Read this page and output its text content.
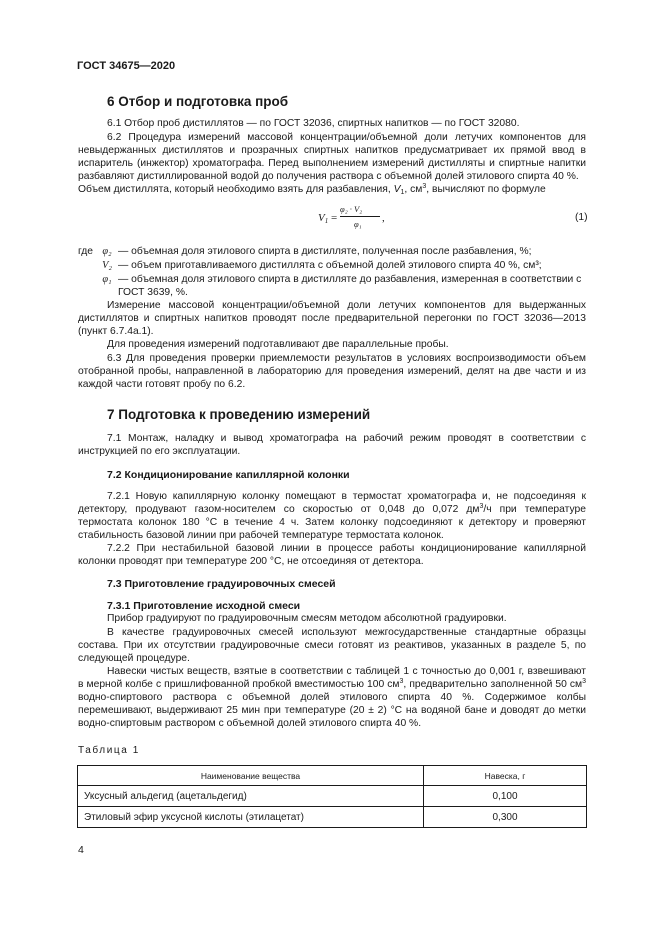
ГОСТ 34675—2020
6 Отбор и подготовка проб
6.1 Отбор проб дистиллятов — по ГОСТ 32036, спиртных напитков — по ГОСТ 32080.
6.2 Процедура измерений массовой концентрации/объемной доли летучих компонентов для невыдержанных дистиллятов и прозрачных спиртных напитков предусматривает их прямой ввод в испаритель (инжектор) хроматографа. Перед выполнением измерений дистилляты и спиртные напитки разбавляют дистиллированной водой до получения раствора с объемной долей этилового спирта 40 %.
Объем дистиллята, который необходимо взять для разбавления, $V_1$, $см^3$, вычисляют по формуле
$V_1$ =
φ₂ · V₂
φ₁ ,	(1)
где φ₂ — объемная доля этилового спирта в дистилляте, полученная после разбавления, %;
V₂ — объем приготавливаемого дистиллята с объемной долей этилового спирта 40 %, см³;
φ₁ — объемная доля этилового спирта в дистилляте до разбавления, измеренная в соответствии с ГОСТ 3639, %.
Измерение массовой концентрации/объемной доли летучих компонентов для выдержанных дистиллятов и спиртных напитков проводят после предварительной перегонки по ГОСТ 32036—2013 (пункт 6.7.4а.1).
Для проведения измерений подготавливают две параллельные пробы.
6.3 Для проведения проверки приемлемости результатов в условиях воспроизводимости объем отобранной пробы, направленной в лабораторию для проведения измерений, делят на две части и из каждой части готовят пробу по 6.2.
7 Подготовка к проведению измерений
7.1 Монтаж, наладку и вывод хроматографа на рабочий режим проводят в соответствии с инструкцией по его эксплуатации.
7.2 Кондиционирование капиллярной колонки
7.2.1 Новую капиллярную колонку помещают в термостат хроматографа и, не подсоединяя к детектору, продувают газом-носителем со скоростью от 0,048 до 0,072 $дм^3/ч$ при температуре термостата колонок 180 °С в течение 4 ч. Затем колонку подсоединяют к детектору и проверяют стабильность базовой линии при рабочей температуре термостата колонок.
7.2.2 При нестабильной базовой линии в процессе работы кондиционирование капиллярной колонки проводят при температуре 200 °С, не отсоединяя от детектора.
7.3 Приготовление градуировочных смесей
7.3.1 Приготовление исходной смеси
Прибор градуируют по градуировочным смесям методом абсолютной градуировки.
В качестве градуировочных смесей используют межгосударственные стандартные образцы состава. При их отсутствии градуировочные смеси готовят из реактивов, указанных в разделе 5, по следующей процедуре.
Навески чистых веществ, взятые в соответствии с таблицей 1 с точностью до 0,001 г, взвешивают в мерной колбе с пришлифованной пробкой вместимостью 100 $см^3$, предварительно заполненной 50 $см^3$ водно-спиртового раствора с объемной долей этилового спирта 40 %. Содержимое колбы перемешивают, выдерживают 25 мин при температуре (20 ± 2) °С на водяной бане и доводят до метки водно-спиртовым раствором с объемной долей этилового спирта 40 %.
Таблица 1
Наименование вещества	Навеска, г
Уксусный альдегид (ацетальдегид)	0,100
Этиловый эфир уксусной кислоты (этилацетат)	0,300
4
